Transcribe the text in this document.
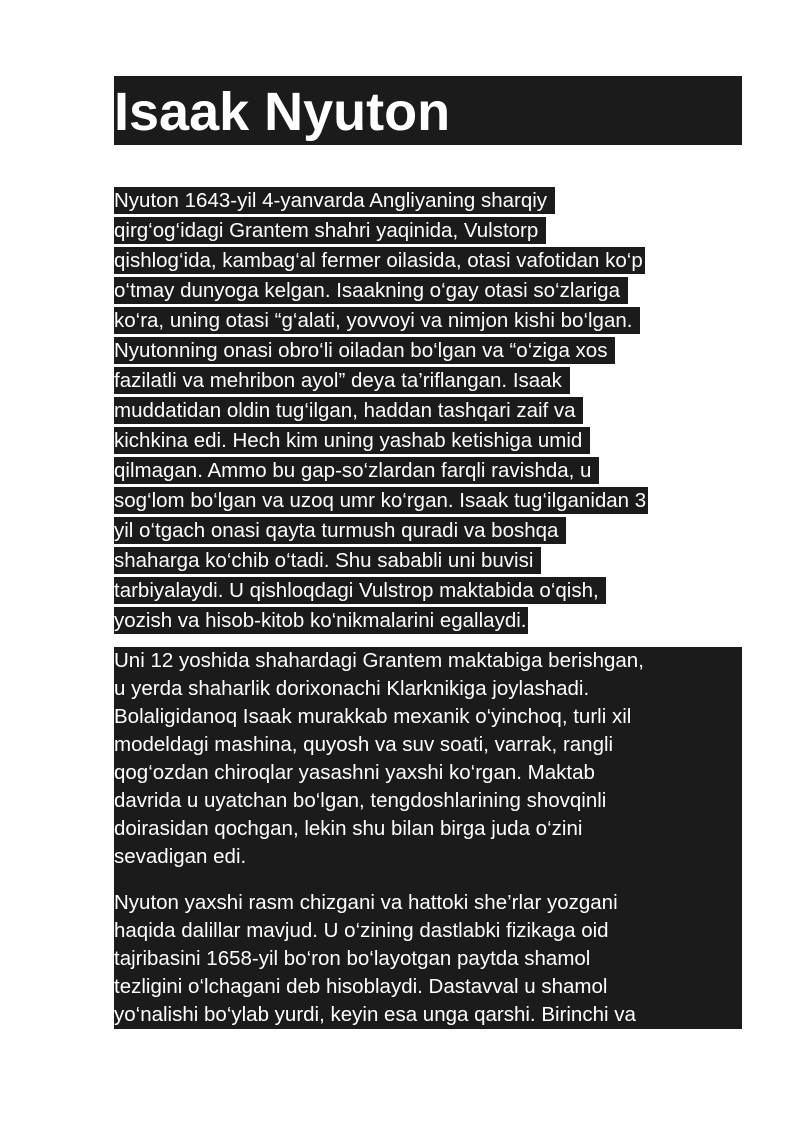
Isaak Nyuton
Nyuton 1643-yil 4-yanvarda Angliyaning sharqiy
qirg‘og‘idagi Grantem shahri yaqinida, Vulstorp
qishlog‘ida, kambag‘al fermer oilasida, otasi vafotidan ko‘p
o‘tmay dunyoga kelgan. Isaakning o‘gay otasi so‘zlariga
ko‘ra, uning otasi “g‘alati, yovvoyi va nimjon kishi bo‘lgan.
Nyutonning onasi obro‘li oiladan bo‘lgan va “o‘ziga xos
fazilatli va mehribon ayol” deya ta’riflangan. Isaak
muddatidan oldin tug‘ilgan, haddan tashqari zaif va
kichkina edi. Hech kim uning yashab ketishiga umid
qilmagan. Ammo bu gap-so‘zlardan farqli ravishda, u
sog‘lom bo‘lgan va uzoq umr ko‘rgan. Isaak tug‘ilganidan 3
yil o‘tgach onasi qayta turmush quradi va boshqa
shaharga ko‘chib o‘tadi. Shu sababli uni buvisi
tarbiyalaydi. U qishloqdagi Vulstrop maktabida o‘qish,
yozish va hisob-kitob ko‘nikmalarini egallaydi.
Uni 12 yoshida shahardagi Grantem maktabiga berishgan,
u yerda shaharlik dorixonachi Klarknikiga joylashadi.
Bolaligidanoq Isaak murakkab mexanik o‘yinchoq, turli xil
modeldagi mashina, quyosh va suv soati, varrak, rangli
qog‘ozdan chiroqlar yasashni yaxshi ko‘rgan. Maktab
davrida u uyatchan bo‘lgan, tengdoshlarining shovqinli
doirasidan qochgan, lekin shu bilan birga juda o‘zini
sevadigan edi.
Nyuton yaxshi rasm chizgani va hattoki she’rlar yozgani
haqida dalillar mavjud. U o‘zining dastlabki fizikaga oid
tajribasini 1658-yil bo‘ron bo‘layotgan paytda shamol
tezligini o‘lchagani deb hisoblaydi. Dastavval u shamol
yo‘nalishi bo‘ylab yurdi, keyin esa unga qarshi. Birinchi va
